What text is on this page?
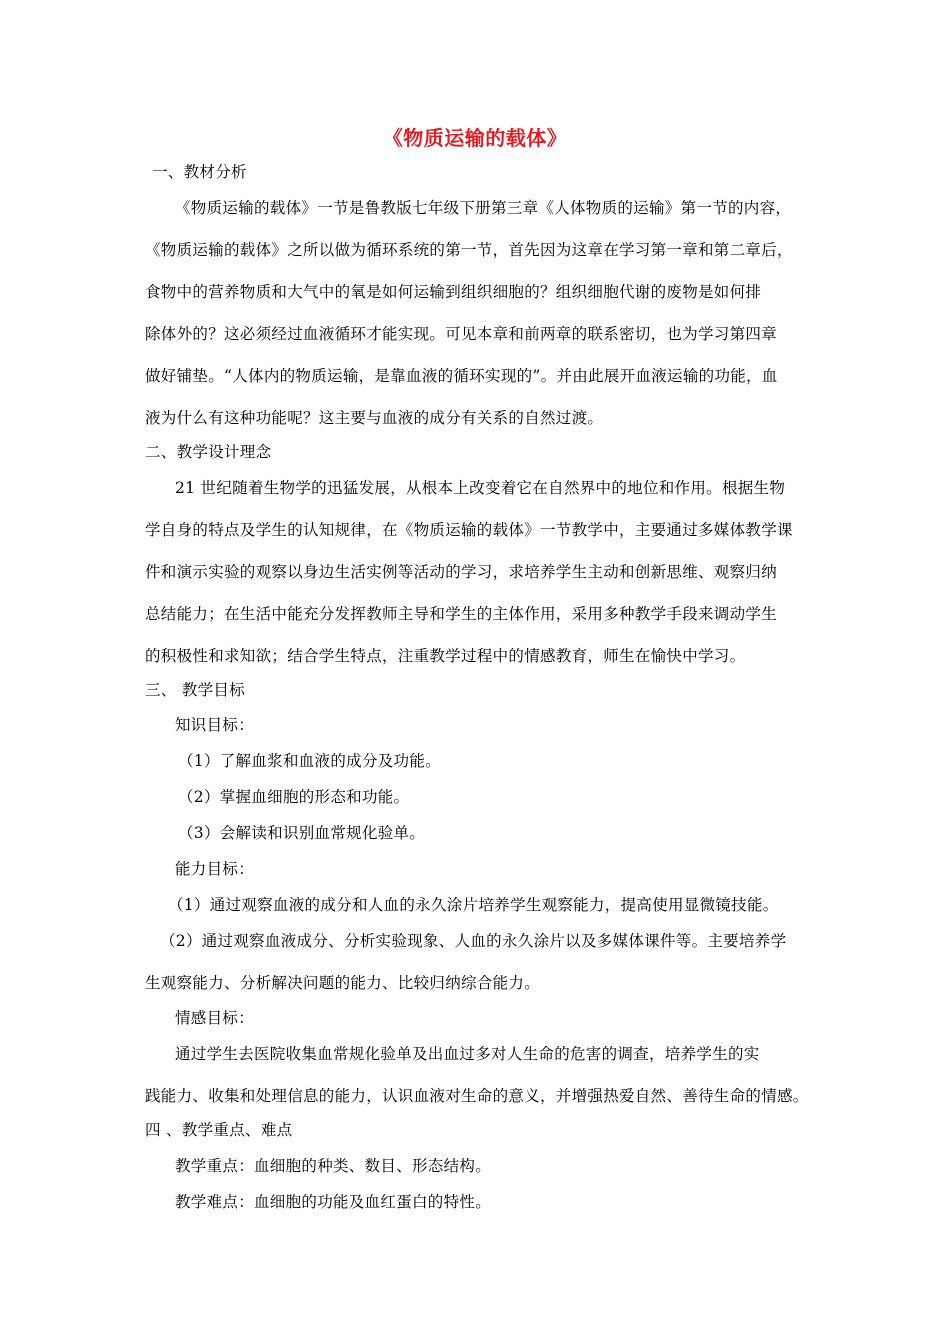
《物质运输的载体》
一、教材分析
《物质运输的载体》一节是鲁教版七年级下册第三章《人体物质的运输》第一节的内容，
《物质运输的载体》之所以做为循环系统的第一节，首先因为这章在学习第一章和第二章后，
食物中的营养物质和大气中的氧是如何运输到组织细胞的？组织细胞代谢的废物是如何排
除体外的？这必须经过血液循环才能实现。可见本章和前两章的联系密切，也为学习第四章
做好铺垫。“人体内的物质运输，是靠血液的循环实现的”。并由此展开血液运输的功能，血
液为什么有这种功能呢？这主要与血液的成分有关系的自然过渡。
二、教学设计理念
21 世纪随着生物学的迅猛发展，从根本上改变着它在自然界中的地位和作用。根据生物
学自身的特点及学生的认知规律，在《物质运输的载体》一节教学中，主要通过多媒体教学课
件和演示实验的观察以身边生活实例等活动的学习，求培养学生主动和创新思维、观察归纳
总结能力；在生活中能充分发挥教师主导和学生的主体作用，采用多种教学手段来调动学生
的积极性和求知欲；结合学生特点，注重教学过程中的情感教育，师生在愉快中学习。
三、 教学目标
知识目标：
（1）了解血浆和血液的成分及功能。
（2）掌握血细胞的形态和功能。
（3）会解读和识别血常规化验单。
能力目标：
（1）通过观察血液的成分和人血的永久涂片培养学生观察能力，提高使用显微镜技能。
（2）通过观察血液成分、分析实验现象、人血的永久涂片以及多媒体课件等。主要培养学
生观察能力、分析解决问题的能力、比较归纳综合能力。
情感目标：
通过学生去医院收集血常规化验单及出血过多对人生命的危害的调查，培养学生的实
践能力、收集和处理信息的能力，认识血液对生命的意义，并增强热爱自然、善待生命的情感。
四 、教学重点、难点
教学重点：血细胞的种类、数目、形态结构。
教学难点：血细胞的功能及血红蛋白的特性。
